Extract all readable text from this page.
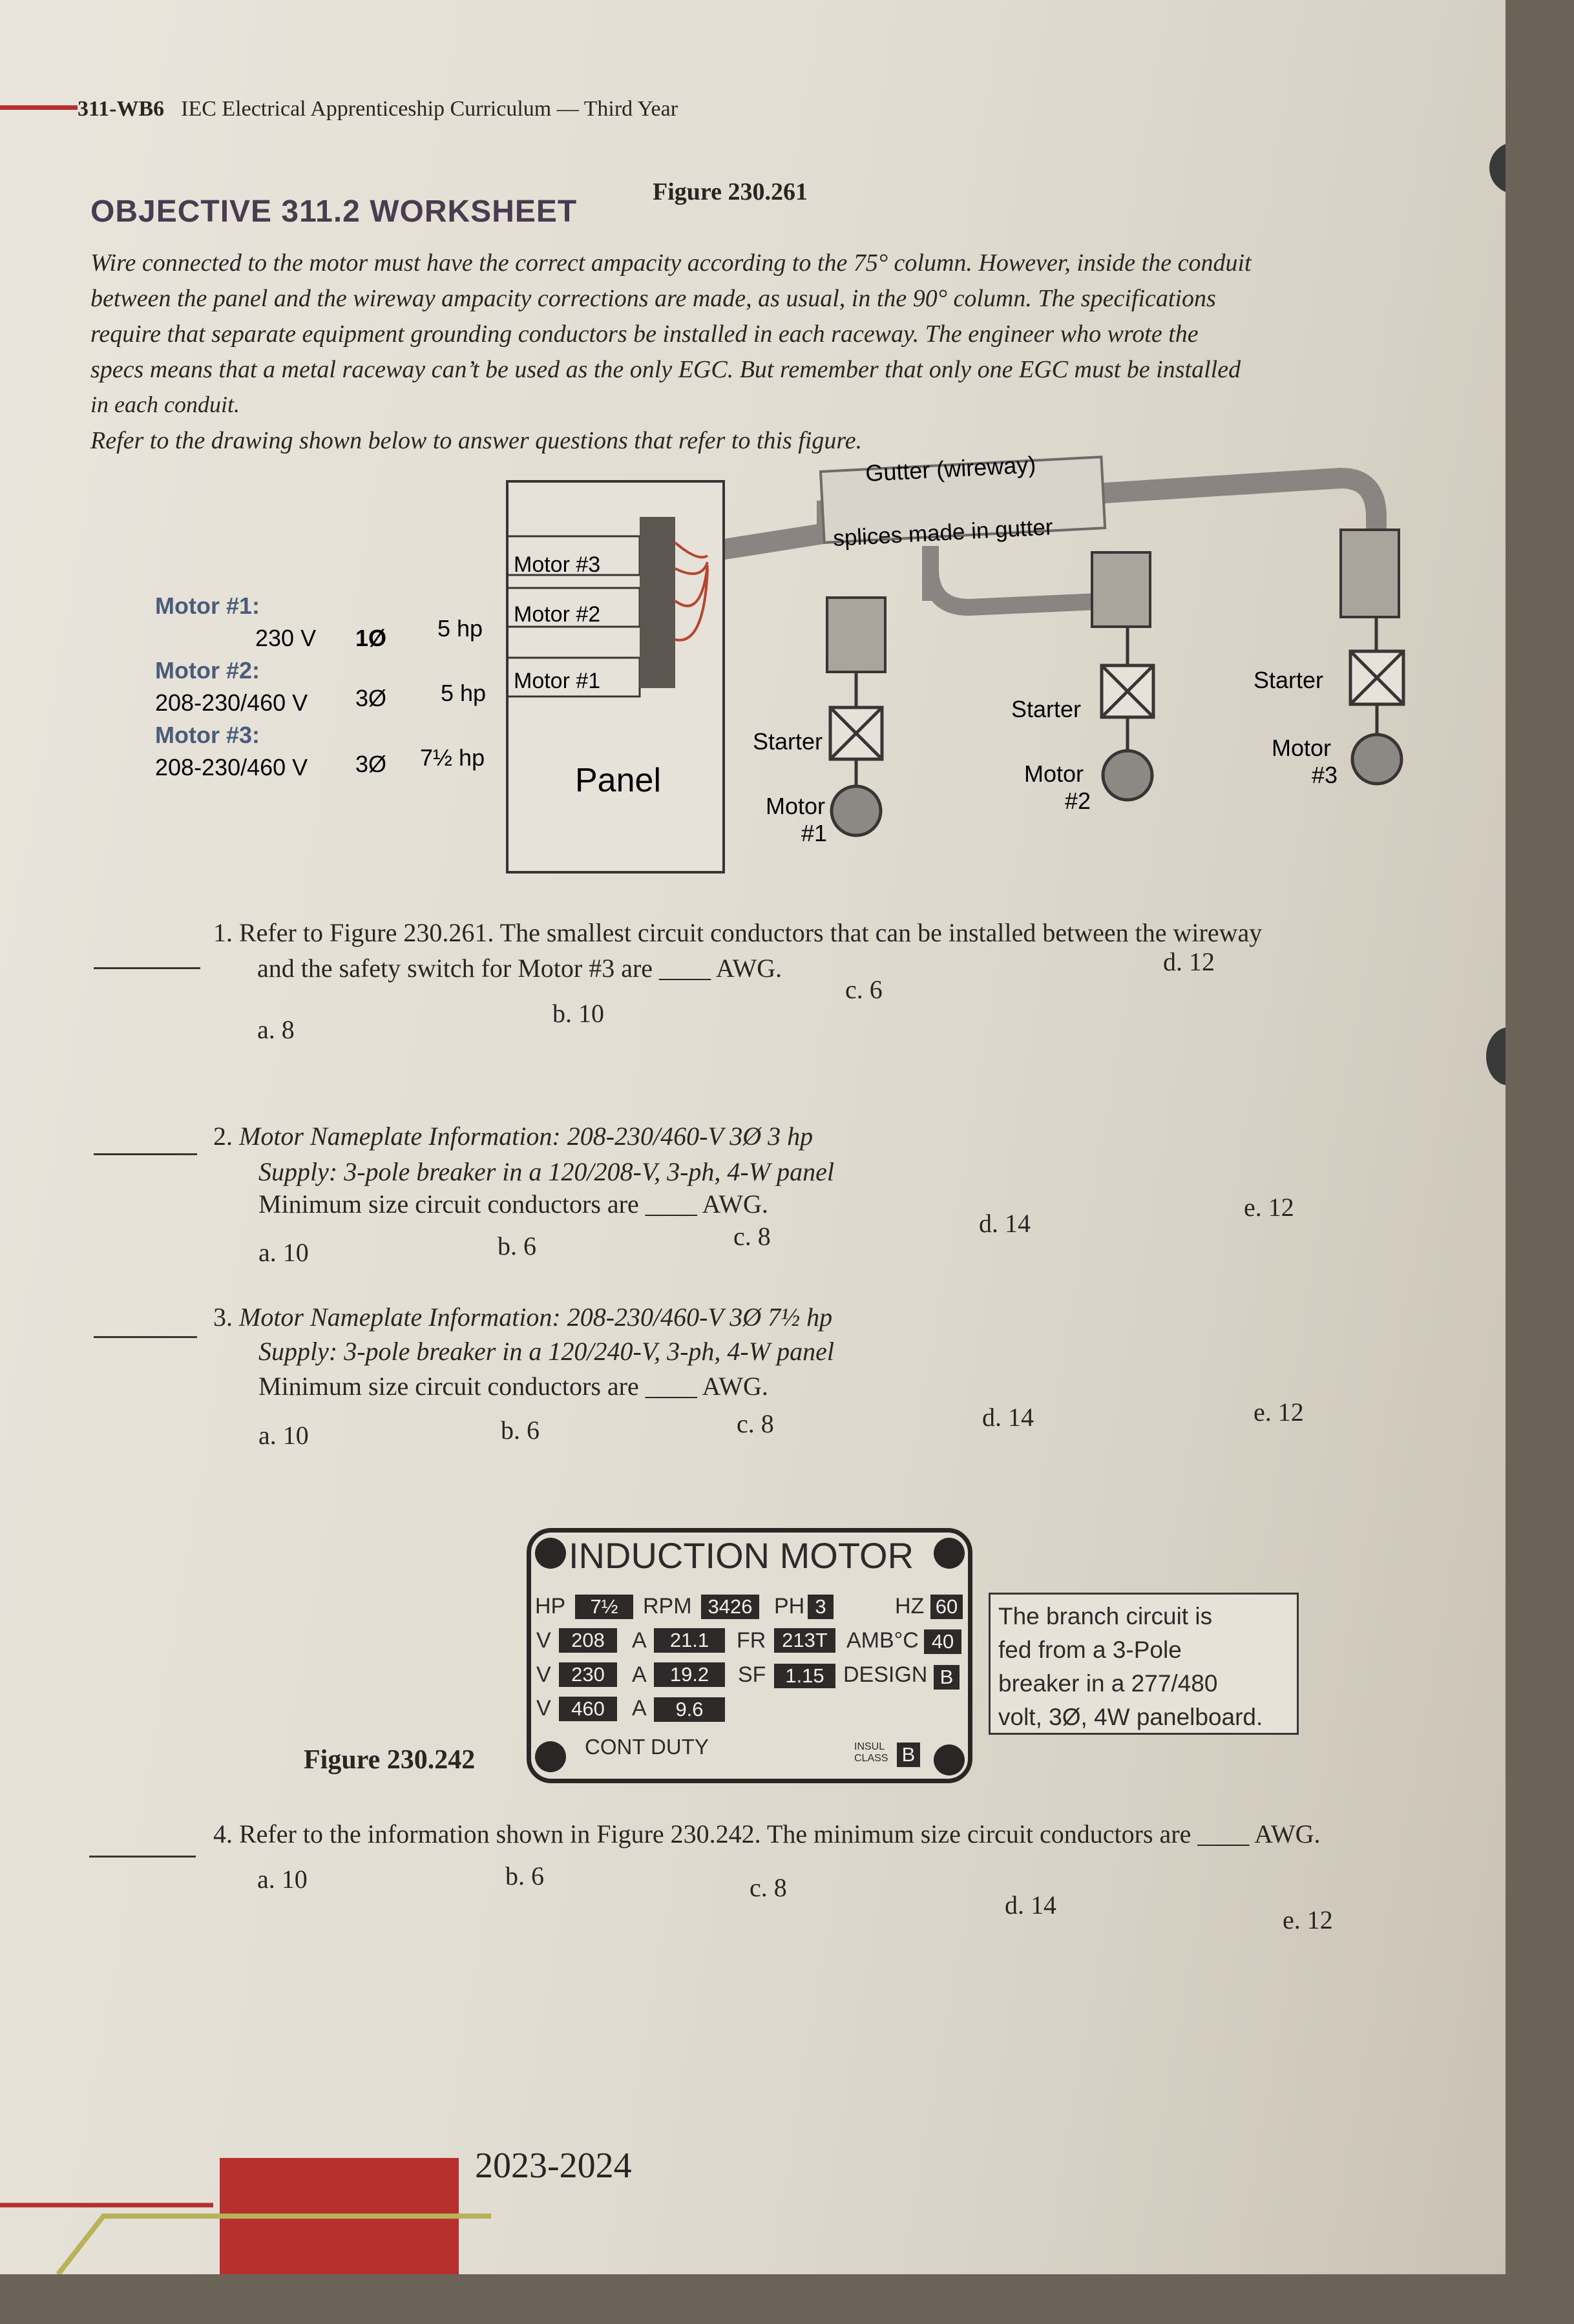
311-WB6 IEC Electrical Apprenticeship Curriculum — Third Year
OBJECTIVE 311.2 WORKSHEET
Figure 230.261
Wire connected to the motor must have the correct ampacity according to the 75° column. However, inside the conduit
between the panel and the wireway ampacity corrections are made, as usual, in the 90° column. The specifications
require that separate equipment grounding conductors be installed in each raceway. The engineer who wrote the
specs means that a metal raceway can’t be used as the only EGC. But remember that only one EGC must be installed
in each conduit.
Refer to the drawing shown below to answer questions that refer to this figure.
Motor #1:
230 V 1Ø 5 hp
Motor #2:
208-230/460 V 3Ø 5 hp
Motor #3:
208-230/460 V 3Ø 7½ hp
splices made in gutter
Gutter (wireway)
Motor #3
Motor #2
Motor #1
Panel
Starter
Motor
#1
Starter
Motor
#2
Starter
Motor
#3
1. Refer to Figure 230.261. The smallest circuit conductors that can be installed between the wireway
and the safety switch for Motor #3 are ____ AWG.
a. 8
b. 10
c. 6
d. 12
2. Motor Nameplate Information: 208-230/460-V 3Ø 3 hp
Supply: 3-pole breaker in a 120/208-V, 3-ph, 4-W panel
Minimum size circuit conductors are ____ AWG.
a. 10	b. 6	c. 8	d. 14
e. 12
3. Motor Nameplate Information: 208-230/460-V 3Ø 7½ hp
Supply: 3-pole breaker in a 120/240-V, 3-ph, 4-W panel
Minimum size circuit conductors are ____ AWG.
a. 10	b. 6	c. 8	d. 14	e. 12
INDUCTION MOTOR
HP	7½	RPM 3426 PH 3	HZ 60
V	208	A	21.1	FR 213T AMB°C 40
V	230	A	19.2	SF 1.15 DESIGN B
V	460	A	9.6
CONT DUTY	INSUL
CLASS B
The branch circuit is
fed from a 3-Pole
breaker in a 277/480
volt, 3Ø, 4W panelboard.
Figure 230.242
4. Refer to the information shown in Figure 230.242. The minimum size circuit conductors are ____ AWG.
a. 10	b. 6	c. 8
d. 14
e. 12
2023-2024
